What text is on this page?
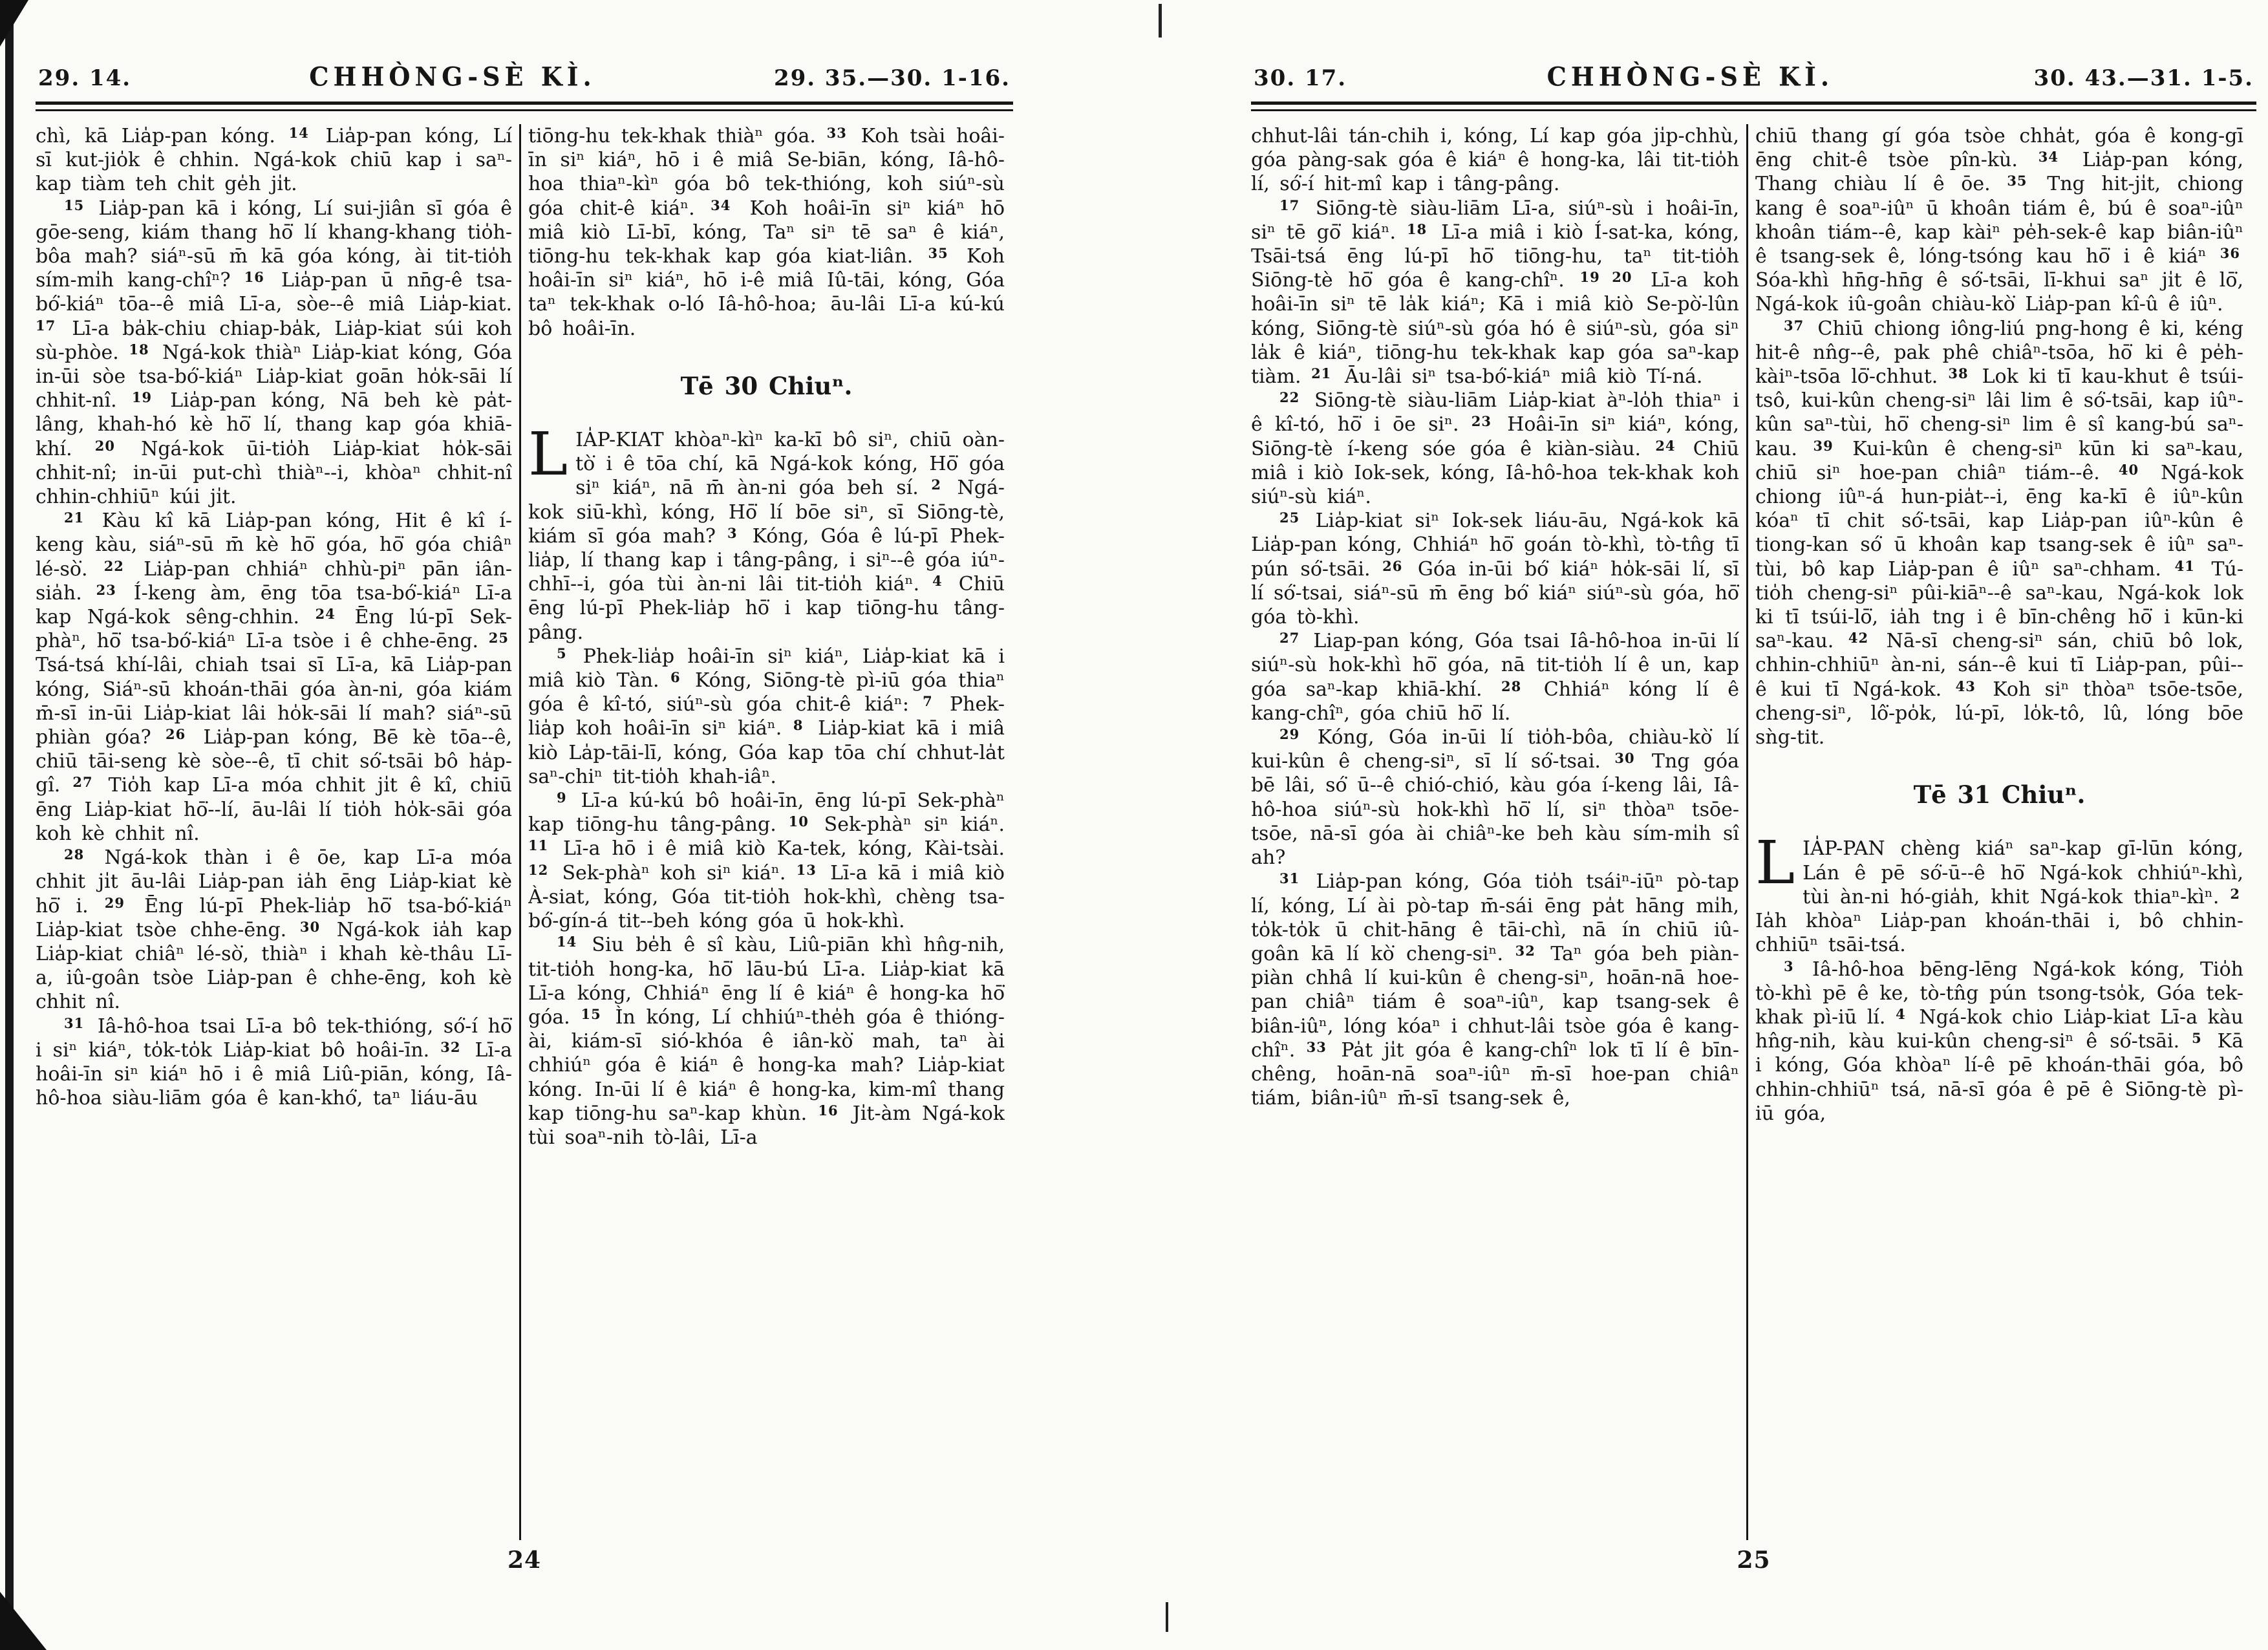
29. 14.	CHHÒNG-SÈ KÌ.	29. 35.—30. 1-16.

chì, kā Lia̍p-pan kóng. $^{14}$ Lia̍p-pan kóng, Lí sī kut-jio̍k ê chhin. Ngá-kok chiū kap i saⁿ-kap tiàm teh chi̍t ge̍h ji̍t.

$^{15}$ Lia̍p-pan kā i kóng, Lí sui-jiân sī góa ê gōe-seng, kiám thang hō͘ lí khang-khang tio̍h-bôa mah? siáⁿ-sū m̄ kā góa kóng, ài tit-tio̍h sím-mi̍h kang-chîⁿ? $^{16}$ Lia̍p-pan ū nn̄g-ê tsa-bó͘-kiáⁿ tōa--ê miâ Lī-a, sòe--ê miâ Lia̍p-kiat. $^{17}$ Lī-a ba̍k-chiu chiap-ba̍k, Lia̍p-kiat súi koh sù-phòe. $^{18}$ Ngá-kok thiàⁿ Lia̍p-kiat kóng, Góa in-ūi sòe tsa-bó͘-kiáⁿ Lia̍p-kiat goān ho̍k-sāi lí chhit-nî. $^{19}$ Lia̍p-pan kóng, Nā beh kè pa̍t-lâng, khah-hó kè hō͘ lí, thang kap góa khiā-khí. $^{20}$ Ngá-kok ūi-tio̍h Lia̍p-kiat ho̍k-sāi chhit-nî; in-ūi put-chì thiàⁿ--i, khòaⁿ chhit-nî chhin-chhiūⁿ kúi ji̍t.

$^{21}$ Kàu kî kā Lia̍p-pan kóng, Hit ê kî í-keng kàu, siáⁿ-sū m̄ kè hō͘ góa, hō͘ góa chiâⁿ lé-sò͘. $^{22}$ Lia̍p-pan chhiáⁿ chhù-piⁿ pān iân-sia̍h. $^{23}$ Í-keng àm, ēng tōa tsa-bó͘-kiáⁿ Lī-a kap Ngá-kok sêng-chhin. $^{24}$ Ēng lú-pī Sek-phàⁿ, hō͘ tsa-bó͘-kiáⁿ Lī-a tsòe i ê chhe-ēng. $^{25}$ Tsá-tsá khí-lâi, chiah tsai sī Lī-a, kā Lia̍p-pan kóng, Siáⁿ-sū khoán-thāi góa àn-ni, góa kiám m̄-sī in-ūi Lia̍p-kiat lâi ho̍k-sāi lí mah? siáⁿ-sū phiàn góa? $^{26}$ Lia̍p-pan kóng, Bē kè tōa--ê, chiū tāi-seng kè sòe--ê, tī chit só͘-tsāi bô ha̍p-gî. $^{27}$ Tio̍h kap Lī-a móa chhit ji̍t ê kî, chiū ēng Lia̍p-kiat hō͘--lí, āu-lâi lí tio̍h ho̍k-sāi góa koh kè chhit nî.

$^{28}$ Ngá-kok thàn i ê ōe, kap Lī-a móa chhit ji̍t āu-lâi Lia̍p-pan ia̍h ēng Lia̍p-kiat kè hō͘ i. $^{29}$ Ēng lú-pī Phek-lia̍p hō͘ tsa-bó͘-kiáⁿ Lia̍p-kiat tsòe chhe-ēng. $^{30}$ Ngá-kok ia̍h kap Lia̍p-kiat chiâⁿ lé-sò͘, thiàⁿ i khah kè-thâu Lī-a, iû-goân tsòe Lia̍p-pan ê chhe-ēng, koh kè chhit nî.

$^{31}$ Iâ-hô-hoa tsai Lī-a bô tek-thióng, só͘-í hō͘ i siⁿ kiáⁿ, to̍k-to̍k Lia̍p-kiat bô hoâi-īn. $^{32}$ Lī-a hoâi-īn siⁿ kiáⁿ hō i ê miâ Liû-piān, kóng, Iâ-hô-hoa siàu-liām góa ê kan-khó͘, taⁿ liáu-āu

tiōng-hu tek-khak thiàⁿ góa. $^{33}$ Koh tsài hoâi-īn siⁿ kiáⁿ, hō i ê miâ Se-biān, kóng, Iâ-hô-hoa thiaⁿ-kìⁿ góa bô tek-thióng, koh siúⁿ-sù góa chit-ê kiáⁿ. $^{34}$ Koh hoâi-īn siⁿ kiáⁿ hō miâ kiò Lī-bī, kóng, Taⁿ siⁿ tē saⁿ ê kiáⁿ, tiōng-hu tek-khak kap góa kiat-liân. $^{35}$ Koh hoâi-īn siⁿ kiáⁿ, hō i-ê miâ Iû-tāi, kóng, Góa taⁿ tek-khak o-ló Iâ-hô-hoa; āu-lâi Lī-a kú-kú bô hoâi-īn.

Tē 30 Chiuⁿ.

LIA̍P-KIAT khòaⁿ-kìⁿ ka-kī bô siⁿ, chiū oàn-tò͘ i ê tōa chí, kā Ngá-kok kóng, Hō͘ góa siⁿ kiáⁿ, nā m̄ àn-ni góa beh sí. $^2$ Ngá-kok siū-khì, kóng, Hō͘ lí bōe siⁿ, sī Siōng-tè, kiám sī góa mah? $^3$ Kóng, Góa ê lú-pī Phek-lia̍p, lí thang kap i tâng-pâng, i siⁿ--ê góa iúⁿ-chhī--i, góa tùi àn-ni lâi tit-tio̍h kiáⁿ. $^4$ Chiū ēng lú-pī Phek-lia̍p hō͘ i kap tiōng-hu tâng-pâng.

$^5$ Phek-lia̍p hoâi-īn siⁿ kiáⁿ, Lia̍p-kiat kā i miâ kiò Tàn. $^6$ Kóng, Siōng-tè pì-iū góa thiaⁿ góa ê kî-tó, siúⁿ-sù góa chit-ê kiáⁿ: $^7$ Phek-lia̍p koh hoâi-īn siⁿ kiáⁿ. $^8$ Lia̍p-kiat kā i miâ kiò La̍p-tāi-lī, kóng, Góa kap tōa chí chhut-la̍t saⁿ-chiⁿ tit-tio̍h khah-iâⁿ.

$^9$ Lī-a kú-kú bô hoâi-īn, ēng lú-pī Sek-phàⁿ kap tiōng-hu tâng-pâng. $^{10}$ Sek-phàⁿ siⁿ kiáⁿ. $^{11}$ Lī-a hō i ê miâ kiò Ka-tek, kóng, Kài-tsài. $^{12}$ Sek-phàⁿ koh siⁿ kiáⁿ. $^{13}$ Lī-a kā i miâ kiò À-siat, kóng, Góa tit-tio̍h hok-khì, chèng tsa-bó͘-gín-á tit--beh kóng góa ū hok-khì.

$^{14}$ Siu be̍h ê sî kàu, Liû-piān khì hn̂g-nih, tit-tio̍h hong-ka, hō͘ lāu-bú Lī-a. Lia̍p-kiat kā Lī-a kóng, Chhiáⁿ ēng lí ê kiáⁿ ê hong-ka hō͘ góa. $^{15}$ Ìn kóng, Lí chhiúⁿ-the̍h góa ê thióng-ài, kiám-sī sió-khóa ê iân-kò͘ mah, taⁿ ài chhiúⁿ góa ê kiáⁿ ê hong-ka mah? Lia̍p-kiat kóng. In-ūi lí ê kiáⁿ ê hong-ka, kim-mî thang kap tiōng-hu saⁿ-kap khùn. $^{16}$ Ji̍t-àm Ngá-kok tùi soaⁿ-nih tò-lâi, Lī-a

24
30. 17.	CHHÒNG-SÈ KÌ.	30. 43.—31. 1-5.

chhut-lâi tán-chih i, kóng, Lí kap góa ji̍p-chhù, góa pàng-sak góa ê kiáⁿ ê hong-ka, lâi tit-tio̍h lí, só͘-í hit-mî kap i tâng-pâng.

$^{17}$ Siōng-tè siàu-liām Lī-a, siúⁿ-sù i hoâi-īn, siⁿ tē gō͘ kiáⁿ. $^{18}$ Lī-a miâ i kiò Í-sat-ka, kóng, Tsāi-tsá ēng lú-pī hō͘ tiōng-hu, taⁿ tit-tio̍h Siōng-tè hō͘ góa ê kang-chîⁿ. $^{19 20}$ Lī-a koh hoâi-īn siⁿ tē la̍k kiáⁿ; Kā i miâ kiò Se-pò͘-lûn kóng, Siōng-tè siúⁿ-sù góa hó ê siúⁿ-sù, góa siⁿ la̍k ê kiáⁿ, tiōng-hu tek-khak kap góa saⁿ-kap tiàm. $^{21}$ Āu-lâi siⁿ tsa-bó͘-kiáⁿ miâ kiò Tí-ná.

$^{22}$ Siōng-tè siàu-liām Lia̍p-kiat àⁿ-lo̍h thiaⁿ i ê kî-tó, hō͘ i ōe siⁿ. $^{23}$ Hoâi-īn siⁿ kiáⁿ, kóng, Siōng-tè í-keng sóe góa ê kiàn-siàu. $^{24}$ Chiū miâ i kiò Iok-sek, kóng, Iâ-hô-hoa tek-khak koh siúⁿ-sù kiáⁿ.

$^{25}$ Lia̍p-kiat siⁿ Iok-sek liáu-āu, Ngá-kok kā Lia̍p-pan kóng, Chhiáⁿ hō͘ goán tò-khì, tò-tn̂g tī pún só͘-tsāi. $^{26}$ Góa in-ūi bó͘ kiáⁿ ho̍k-sāi lí, sī lí só͘-tsai, siáⁿ-sū m̄ ēng bó͘ kiáⁿ siúⁿ-sù góa, hō͘ góa tò-khì.

$^{27}$ Liap-pan kóng, Góa tsai Iâ-hô-hoa in-ūi lí siúⁿ-sù hok-khì hō͘ góa, nā tit-tio̍h lí ê un, kap góa saⁿ-kap khiā-khí. $^{28}$ Chhiáⁿ kóng lí ê kang-chîⁿ, góa chiū hō͘ lí.

$^{29}$ Kóng, Góa in-ūi lí tio̍h-bôa, chiàu-kò͘ lí kui-kûn ê cheng-siⁿ, sī lí só͘-tsai. $^{30}$ Tng góa bē lâi, só͘ ū--ê chió-chió, kàu góa í-keng lâi, Iâ-hô-hoa siúⁿ-sù hok-khì hō͘ lí, siⁿ thòaⁿ tsōe-tsōe, nā-sī góa ài chiâⁿ-ke beh kàu sím-mi̍h sî ah?

$^{31}$ Lia̍p-pan kóng, Góa tio̍h tsáiⁿ-iūⁿ pò-tap lí, kóng, Lí ài pò-tap m̄-sái ēng pa̍t hāng mi̍h, to̍k-to̍k ū chit-hāng ê tāi-chì, nā ín chiū iû-goân kā lí kò͘ cheng-siⁿ. $^{32}$ Taⁿ góa beh piàn-piàn chhâ lí kui-kûn ê cheng-siⁿ, hoān-nā hoe-pan chiâⁿ tiám ê soaⁿ-iûⁿ, kap tsang-sek ê biân-iûⁿ, lóng kóaⁿ i chhut-lâi tsòe góa ê kang-chîⁿ. $^{33}$ Pa̍t ji̍t góa ê kang-chîⁿ lok tī lí ê bīn-chêng, hoān-nā soaⁿ-iûⁿ m̄-sī hoe-pan chiâⁿ tiám, biân-iûⁿ m̄-sī tsang-sek ê,

chiū thang gí góa tsòe chha̍t, góa ê kong-gī ēng chit-ê tsòe pîn-kù. $^{34}$ Lia̍p-pan kóng, Thang chiàu lí ê ōe. $^{35}$ Tng hit-ji̍t, chiong kang ê soaⁿ-iûⁿ ū khoân tiám ê, bú ê soaⁿ-iûⁿ khoân tiám--ê, kap kàiⁿ pe̍h-sek-ê kap biân-iûⁿ ê tsang-sek ê, lóng-tsóng kau hō͘ i ê kiáⁿ $^{36}$ Sóa-khì hn̄g-hn̄g ê só͘-tsāi, lī-khui saⁿ ji̍t ê lō͘, Ngá-kok iû-goân chiàu-kò͘ Lia̍p-pan kî-û ê iûⁿ.

$^{37}$ Chiū chiong iông-liú png-hong ê ki, kéng hit-ê nn̂g--ê, pak phê chiâⁿ-tsōa, hō͘ ki ê pe̍h-kàiⁿ-tsōa lō͘-chhut. $^{38}$ Lok ki tī kau-khut ê tsúi-tsô, kui-kûn cheng-siⁿ lâi lim ê só͘-tsāi, kap iûⁿ-kûn saⁿ-tùi, hō͘ cheng-siⁿ lim ê sî kang-bú saⁿ-kau. $^{39}$ Kui-kûn ê cheng-siⁿ kūn ki saⁿ-kau, chiū siⁿ hoe-pan chiâⁿ tiám--ê. $^{40}$ Ngá-kok chiong iûⁿ-á hun-pia̍t--i, ēng ka-kī ê iûⁿ-kûn kóaⁿ tī chit só͘-tsāi, kap Lia̍p-pan iûⁿ-kûn ê tiong-kan só͘ ū khoân kap tsang-sek ê iûⁿ saⁿ-tùi, bô kap Lia̍p-pan ê iûⁿ saⁿ-chham. $^{41}$ Tú-tio̍h cheng-siⁿ pûi-kiāⁿ--ê saⁿ-kau, Ngá-kok lok ki tī tsúi-lō͘, ia̍h tng i ê bīn-chêng hō͘ i kūn-ki saⁿ-kau. $^{42}$ Nā-sī cheng-siⁿ sán, chiū bô lok, chhin-chhiūⁿ àn-ni, sán--ê kui tī Lia̍p-pan, pûi--ê kui tī Ngá-kok. $^{43}$ Koh siⁿ thòaⁿ tsōe-tsōe, cheng-siⁿ, lô͘-po̍k, lú-pī, lo̍k-tô, lû, lóng bōe sǹg-tit.

Tē 31 Chiuⁿ.

LIA̍P-PAN chèng kiáⁿ saⁿ-kap gī-lūn kóng, Lán ê pē só͘-ū--ê hō͘ Ngá-kok chhiúⁿ-khì, tùi àn-ni hó-gia̍h, khit Ngá-kok thiaⁿ-kìⁿ. $^2$ Ia̍h khòaⁿ Lia̍p-pan khoán-thāi i, bô chhin-chhiūⁿ tsāi-tsá.

$^3$ Iâ-hô-hoa bēng-lēng Ngá-kok kóng, Tio̍h tò-khì pē ê ke, tò-tn̂g pún tsong-tso̍k, Góa tek-khak pì-iū lí. $^4$ Ngá-kok chio Lia̍p-kiat Lī-a kàu hn̂g-nih, kàu kui-kûn cheng-siⁿ ê só͘-tsāi. $^5$ Kā i kóng, Góa khòaⁿ lí-ê pē khoán-thāi góa, bô chhin-chhiūⁿ tsá, nā-sī góa ê pē ê Siōng-tè pì-iū góa,

25
